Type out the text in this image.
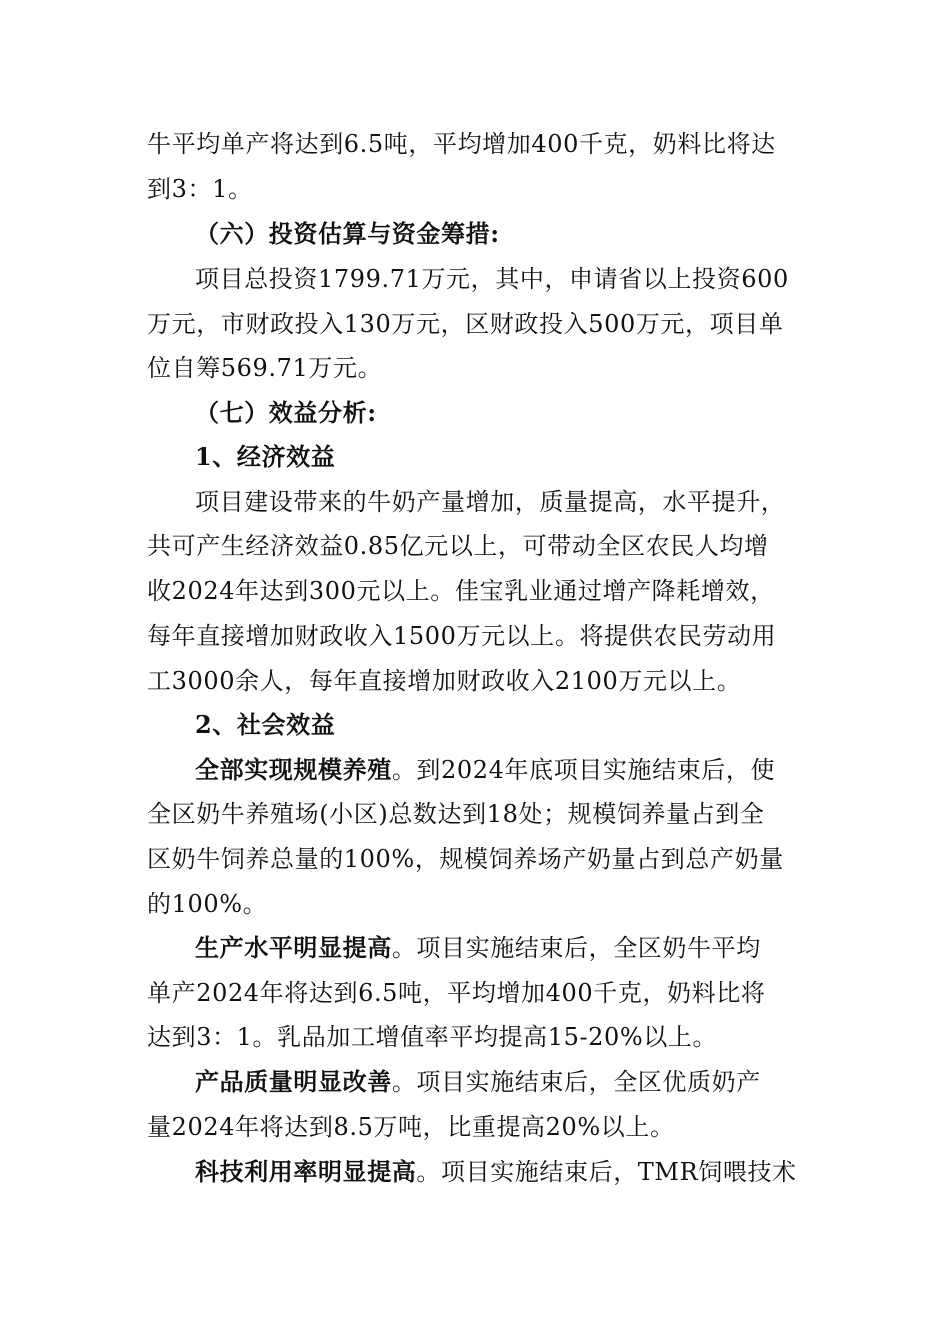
牛平均单产将达到6.5吨，平均增加400千克，奶料比将达
到3：1。
（六）投资估算与资金筹措:
项目总投资1799.71万元，其中，申请省以上投资600
万元，市财政投入130万元，区财政投入500万元，项目单
位自筹569.71万元。
（七）效益分析:
1、经济效益
项目建设带来的牛奶产量增加，质量提高，水平提升，
共可产生经济效益0.85亿元以上，可带动全区农民人均增
收2024年达到300元以上。佳宝乳业通过增产降耗增效，
每年直接增加财政收入1500万元以上。将提供农民劳动用
工3000余人，每年直接增加财政收入2100万元以上。
2、社会效益
全部实现规模养殖。到2024年底项目实施结束后，使
全区奶牛养殖场(小区)总数达到18处；规模饲养量占到全
区奶牛饲养总量的100%，规模饲养场产奶量占到总产奶量
的100%。
生产水平明显提高。项目实施结束后，全区奶牛平均
单产2024年将达到6.5吨，平均增加400千克，奶料比将
达到3：1。乳品加工增值率平均提高15-20%以上。
产品质量明显改善。项目实施结束后，全区优质奶产
量2024年将达到8.5万吨，比重提高20%以上。
科技利用率明显提高。项目实施结束后，TMR饲喂技术
